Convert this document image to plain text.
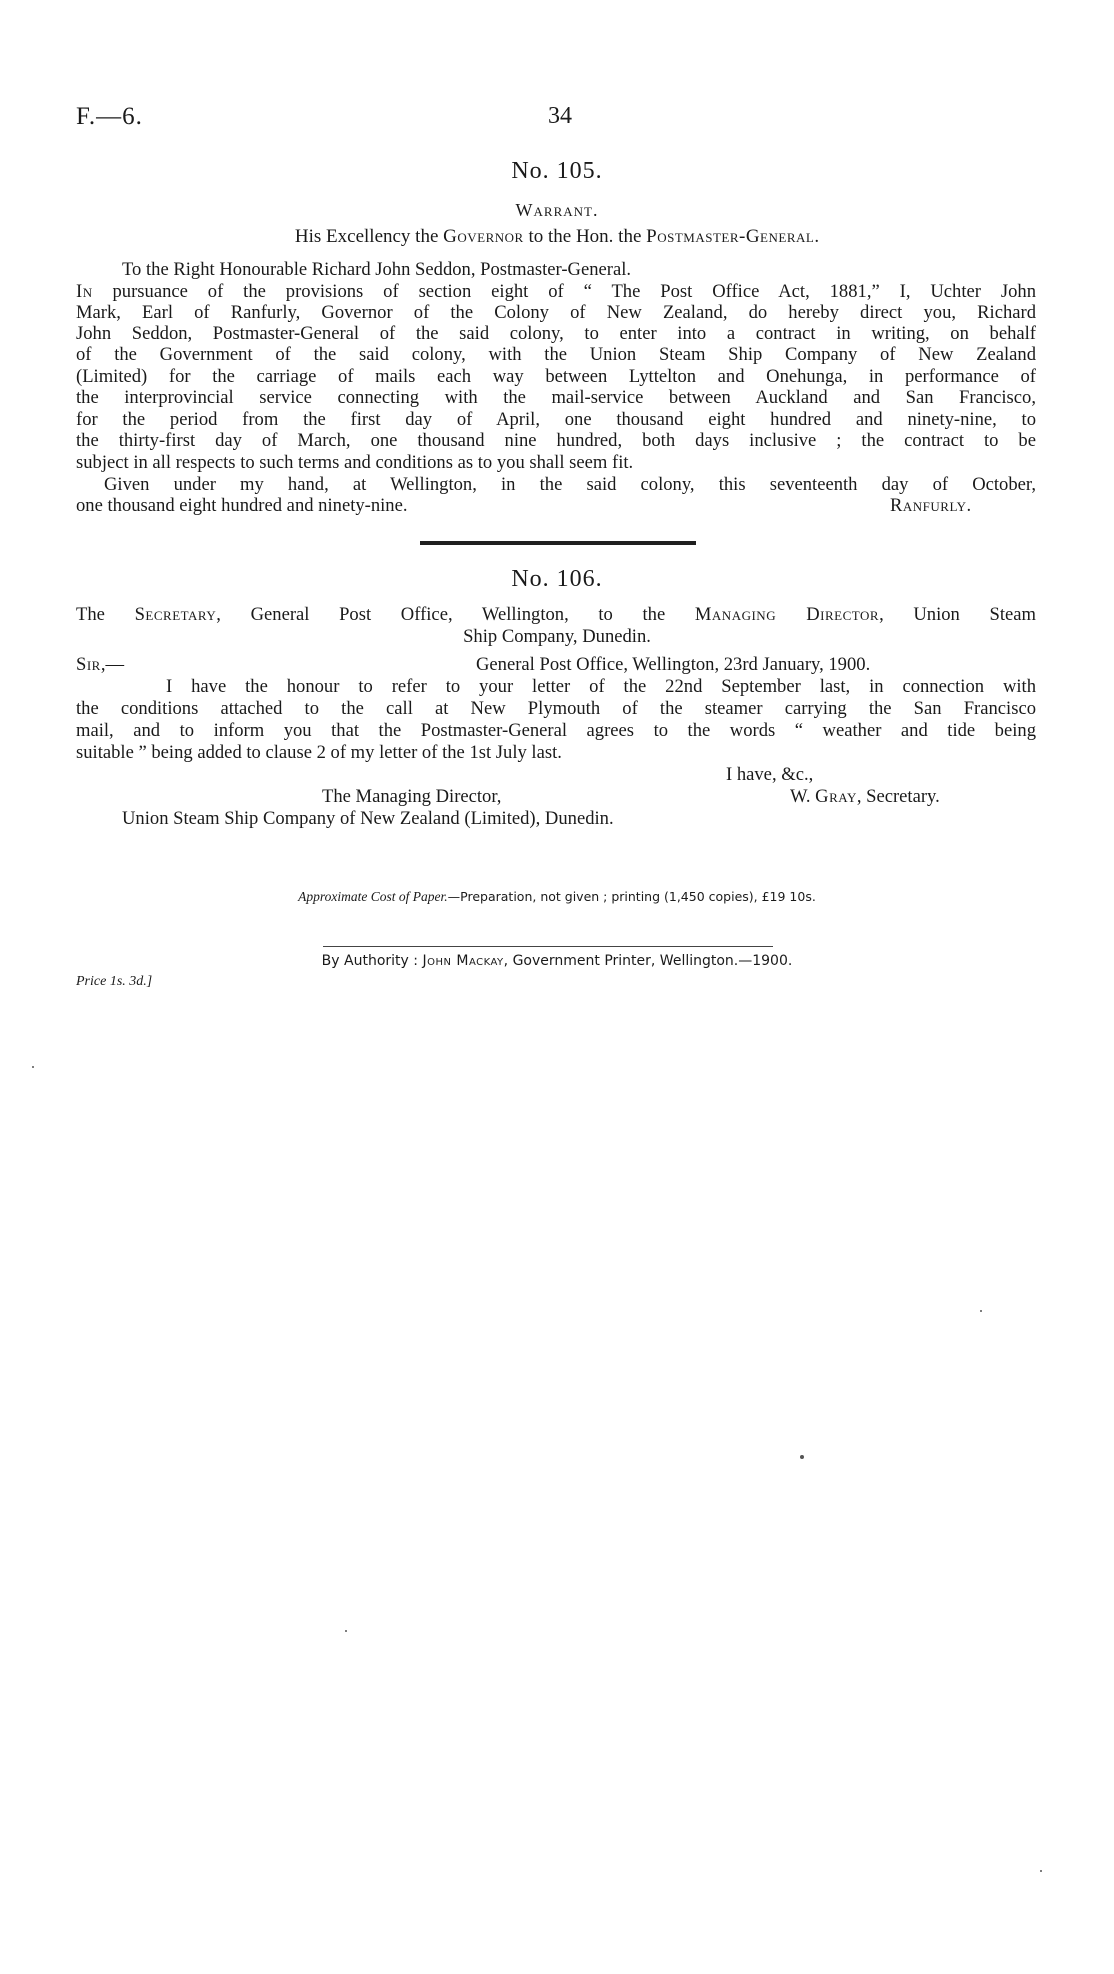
F.—6.	34
No. 105.
Warrant.
His Excellency the Governor to the Hon. the Postmaster-General.
To the Right Honourable Richard John Seddon, Postmaster-General.
In pursuance of the provisions of section eight of “ The Post Office Act, 1881,” I, Uchter John
Mark, Earl of Ranfurly, Governor of the Colony of New Zealand, do hereby direct you, Richard
John Seddon, Postmaster-General of the said colony, to enter into a contract in writing, on behalf
of the Government of the said colony, with the Union Steam Ship Company of New Zealand
(Limited) for the carriage of mails each way between Lyttelton and Onehunga, in performance of
the interprovincial service connecting with the mail-service between Auckland and San Francisco,
for the period from the first day of April, one thousand eight hundred and ninety-nine, to
the thirty-first day of March, one thousand nine hundred, both days inclusive ; the contract to be
subject in all respects to such terms and conditions as to you shall seem fit.
Given under my hand, at Wellington, in the said colony, this seventeenth day of October,
one thousand eight hundred and ninety-nine.	Ranfurly.
No. 106.
The Secretary, General Post Office, Wellington, to the Managing Director, Union Steam
Ship Company, Dunedin.
Sir,—	General Post Office, Wellington, 23rd January, 1900.
I have the honour to refer to your letter of the 22nd September last, in connection with
the conditions attached to the call at New Plymouth of the steamer carrying the San Francisco
mail, and to inform you that the Postmaster-General agrees to the words “ weather and tide being
suitable ” being added to clause 2 of my letter of the 1st July last.
I have, &c.,
The Managing Director,	W. Gray, Secretary.
Union Steam Ship Company of New Zealand (Limited), Dunedin.
Approximate Cost of Paper.—Preparation, not given ; printing (1,450 copies), £19 10s.
By Authority : John Mackay, Government Printer, Wellington.—1900.
Price 1s. 3d.]
